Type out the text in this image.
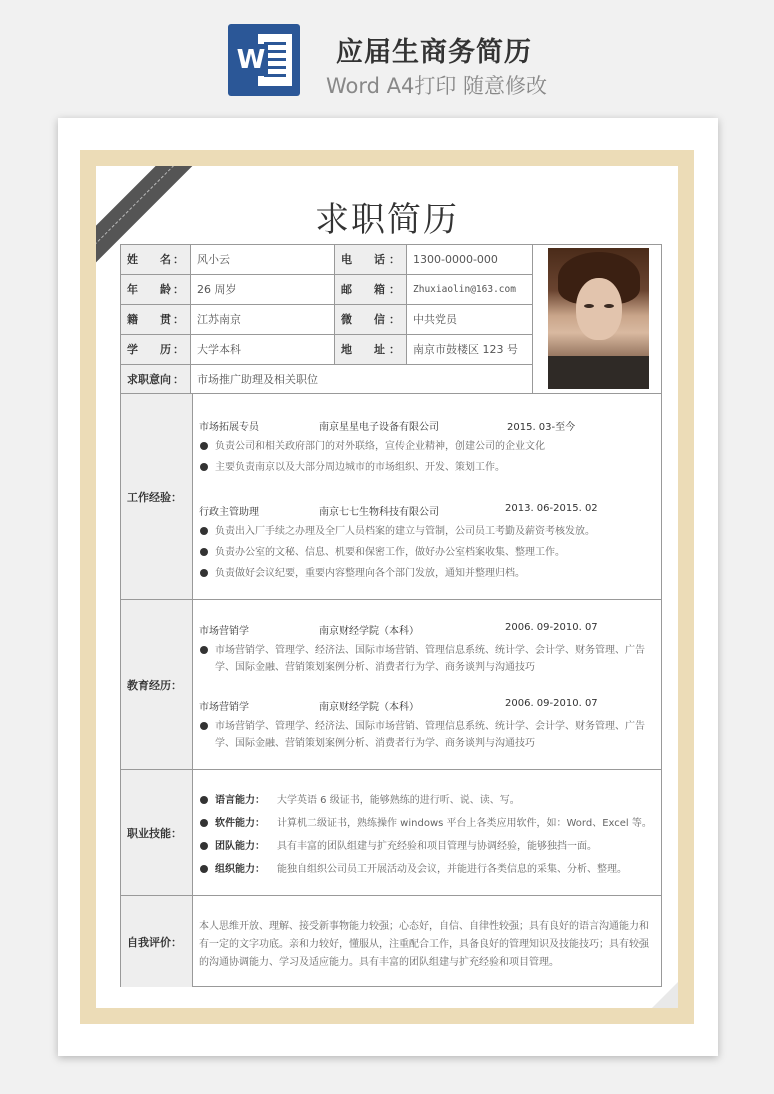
W	应届生商务简历
Word A4打印 随意修改
求职简历
姓　　名 ：	风小云	电　　话 ：	1300-0000-000
年　　龄 ：	26 周岁	邮　　箱 ：	Zhuxiaolin@163.com
籍　　贯 ：	江苏南京	微　　信 ：	中共党员
学　　历 ：	大学本科	地　　址 ：	南京市鼓楼区 123 号
求职意向 ：	市场推广助理及相关职位
工作经验：
市场拓展专员	南京星星电子设备有限公司	2015. 03-至今
负责公司和相关政府部门的对外联络，宣传企业精神，创建公司的企业文化
主要负责南京以及大部分周边城市的市场组织、开发、策划工作。
行政主管助理	南京七七生物科技有限公司	2013. 06-2015. 02
负责出入厂手续之办理及全厂人员档案的建立与管制，公司员工考勤及薪资考核发放。
负责办公室的文秘、信息、机要和保密工作，做好办公室档案收集、整理工作。
负责做好会议纪要，重要内容整理向各个部门发放，通知并整理归档。
教育经历：
市场营销学	南京财经学院（本科）	2006. 09-2010. 07
市场营销学、管理学、经济法、国际市场营销、管理信息系统、统计学、会计学、财务管理、广告学、国际金融、营销策划案例分析、消费者行为学、商务谈判与沟通技巧
市场营销学	南京财经学院（本科）	2006. 09-2010. 07
市场营销学、管理学、经济法、国际市场营销、管理信息系统、统计学、会计学、财务管理、广告学、国际金融、营销策划案例分析、消费者行为学、商务谈判与沟通技巧
职业技能：
语言能力： 大学英语 6 级证书，能够熟练的进行听、说、读、写。
软件能力： 计算机二级证书，熟练操作 windows 平台上各类应用软件，如：Word、Excel 等。
团队能力： 具有丰富的团队组建与扩充经验和项目管理与协调经验，能够独挡一面。
组织能力： 能独自组织公司员工开展活动及会议，并能进行各类信息的采集、分析、整理。
自我评价：
本人思维开放、理解、接受新事物能力较强；心态好，自信、自律性较强；具有良好的语言沟通能力和有一定的文字功底。亲和力较好，懂服从，注重配合工作，具备良好的管理知识及技能技巧；具有较强的沟通协调能力、学习及适应能力。具有丰富的团队组建与扩充经验和项目管理。
